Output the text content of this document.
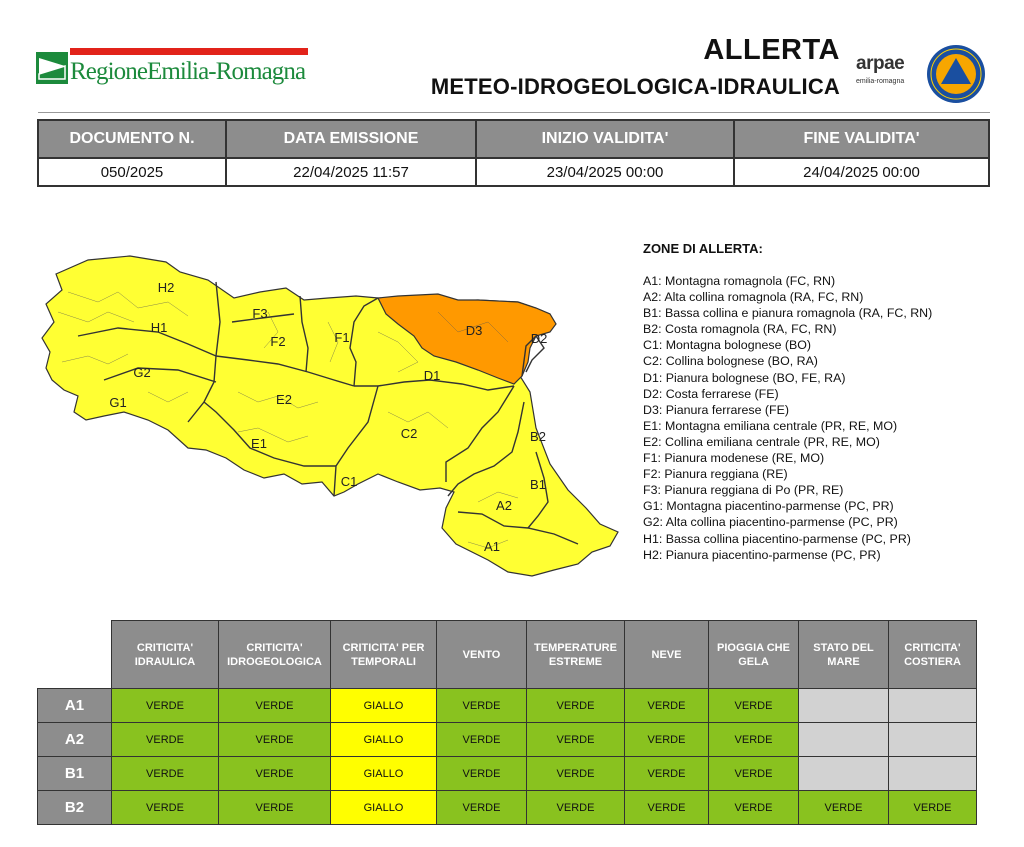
RegioneEmilia-Romagna
ALLERTA
METEO-IDROGEOLOGICA-IDRAULICA
arpae
emilia-romagna
DOCUMENTO N.	DATA EMISSIONE	INIZIO VALIDITA'	FINE VALIDITA'
050/2025	22/04/2025 11:57	23/04/2025 00:00	24/04/2025 00:00
H2
H1
F3
F2	F1	D3
D2
G2
G1	E2
D1
E1
C2	B2
C1	B1
A2
A1
ZONE DI ALLERTA:
A1: Montagna romagnola (FC, RN)
A2: Alta collina romagnola (RA, FC, RN)
B1: Bassa collina e pianura romagnola (RA, FC, RN)
B2: Costa romagnola (RA, FC, RN)
C1: Montagna bolognese (BO)
C2: Collina bolognese (BO, RA)
D1: Pianura bolognese (BO, FE, RA)
D2: Costa ferrarese (FE)
D3: Pianura ferrarese (FE)
E1: Montagna emiliana centrale (PR, RE, MO)
E2: Collina emiliana centrale (PR, RE, MO)
F1: Pianura modenese (RE, MO)
F2: Pianura reggiana (RE)
F3: Pianura reggiana di Po (PR, RE)
G1: Montagna piacentino-parmense (PC, PR)
G2: Alta collina piacentino-parmense (PC, PR)
H1: Bassa collina piacentino-parmense (PC, PR)
H2: Pianura piacentino-parmense (PC, PR)
	CRITICITA' IDRAULICA	CRITICITA' IDROGEOLOGICA	CRITICITA' PER TEMPORALI	VENTO	TEMPERATURE ESTREME	NEVE	PIOGGIA CHE GELA	STATO DEL MARE	CRITICITA' COSTIERA
A1	VERDE	VERDE	GIALLO	VERDE	VERDE	VERDE	VERDE		
A2	VERDE	VERDE	GIALLO	VERDE	VERDE	VERDE	VERDE		
B1	VERDE	VERDE	GIALLO	VERDE	VERDE	VERDE	VERDE		
B2	VERDE	VERDE	GIALLO	VERDE	VERDE	VERDE	VERDE	VERDE	VERDE
